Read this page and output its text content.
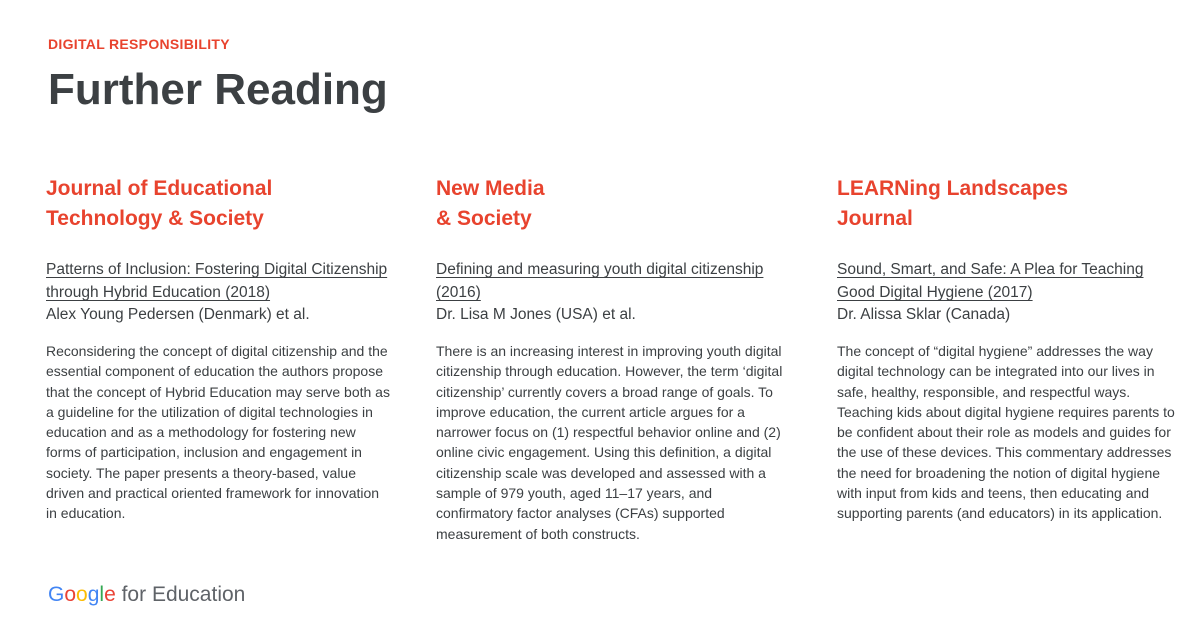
DIGITAL RESPONSIBILITY
Further Reading
Journal of Educational
Technology & Society
Patterns of Inclusion: Fostering Digital Citizenship through Hybrid Education (2018)
Alex Young Pedersen (Denmark) et al.

Reconsidering the concept of digital citizenship and the essential component of education the authors propose that the concept of Hybrid Education may serve both as a guideline for the utilization of digital technologies in education and as a methodology for fostering new forms of participation, inclusion and engagement in society. The paper presents a theory-based, value driven and practical oriented framework for innovation in education.

New Media
& Society
Defining and measuring youth digital citizenship (2016)
Dr. Lisa M Jones (USA) et al.

There is an increasing interest in improving youth digital citizenship through education. However, the term ‘digital citizenship’ currently covers a broad range of goals. To improve education, the current article argues for a narrower focus on (1) respectful behavior online and (2) online civic engagement. Using this definition, a digital citizenship scale was developed and assessed with a sample of 979 youth, aged 11–17 years, and confirmatory factor analyses (CFAs) supported measurement of both constructs.

LEARNing Landscapes
Journal
Sound, Smart, and Safe: A Plea for Teaching Good Digital Hygiene (2017)
Dr. Alissa Sklar (Canada)

The concept of “digital hygiene” addresses the way digital technology can be integrated into our lives in safe, healthy, responsible, and respectful ways. Teaching kids about digital hygiene requires parents to be confident about their role as models and guides for the use of these devices. This commentary addresses the need for broadening the notion of digital hygiene with input from kids and teens, then educating and supporting parents (and educators) in its application.

Google for Education
